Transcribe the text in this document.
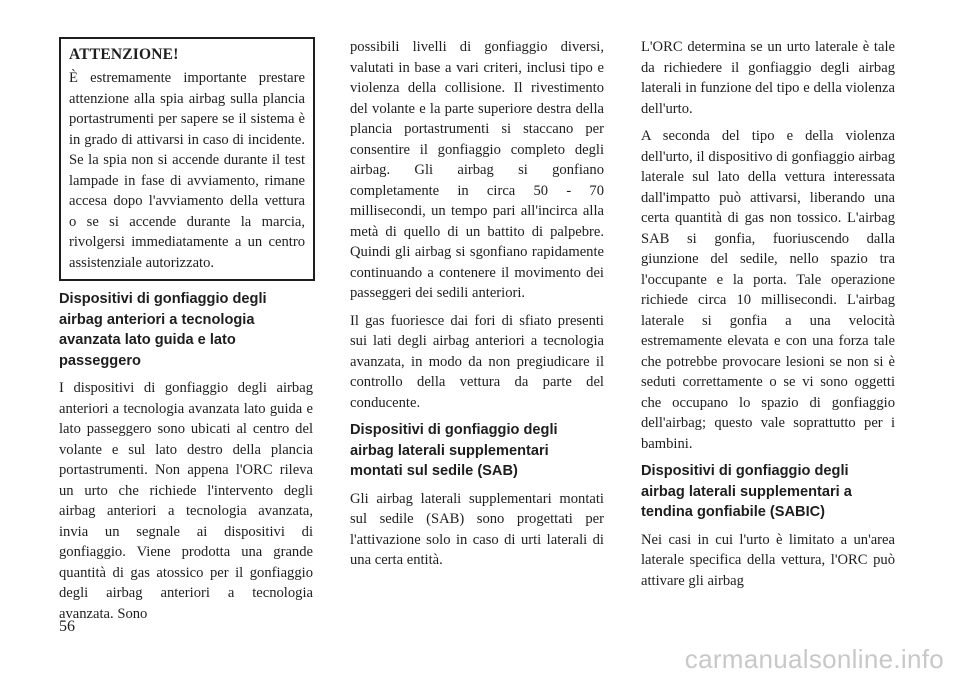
ATTENZIONE!

È estremamente importante prestare attenzione alla spia airbag sulla plancia portastrumenti per sapere se il sistema è in grado di attivarsi in caso di incidente. Se la spia non si accende durante il test lampade in fase di avviamento, rimane accesa dopo l'avviamento della vettura o se si accende durante la marcia, rivolgersi immediatamente a un centro assistenziale autorizzato.

Dispositivi di gonfiaggio degli airbag anteriori a tecnologia avanzata lato guida e lato passeggero

I dispositivi di gonfiaggio degli airbag anteriori a tecnologia avanzata lato guida e lato passeggero sono ubicati al centro del volante e sul lato destro della plancia portastrumenti. Non appena l'ORC rileva un urto che richiede l'intervento degli airbag anteriori a tecnologia avanzata, invia un segnale ai dispositivi di gonfiaggio. Viene prodotta una grande quantità di gas atossico per il gonfiaggio degli airbag anteriori a tecnologia avanzata. Sono

possibili livelli di gonfiaggio diversi, valutati in base a vari criteri, inclusi tipo e violenza della collisione. Il rivestimento del volante e la parte superiore destra della plancia portastrumenti si staccano per consentire il gonfiaggio completo degli airbag. Gli airbag si gonfiano completamente in circa 50 - 70 millisecondi, un tempo pari all'incirca alla metà di quello di un battito di palpebre. Quindi gli airbag si sgonfiano rapidamente continuando a contenere il movimento dei passeggeri dei sedili anteriori.

Il gas fuoriesce dai fori di sfiato presenti sui lati degli airbag anteriori a tecnologia avanzata, in modo da non pregiudicare il controllo della vettura da parte del conducente.

Dispositivi di gonfiaggio degli airbag laterali supplementari montati sul sedile (SAB)

Gli airbag laterali supplementari montati sul sedile (SAB) sono progettati per l'attivazione solo in caso di urti laterali di una certa entità.

L'ORC determina se un urto laterale è tale da richiedere il gonfiaggio degli airbag laterali in funzione del tipo e della violenza dell'urto.

A seconda del tipo e della violenza dell'urto, il dispositivo di gonfiaggio airbag laterale sul lato della vettura interessata dall'impatto può attivarsi, liberando una certa quantità di gas non tossico. L'airbag SAB si gonfia, fuoriuscendo dalla giunzione del sedile, nello spazio tra l'occupante e la porta. Tale operazione richiede circa 10 millisecondi. L'airbag laterale si gonfia a una velocità estremamente elevata e con una forza tale che potrebbe provocare lesioni se non si è seduti correttamente o se vi sono oggetti che occupano lo spazio di gonfiaggio dell'airbag; questo vale soprattutto per i bambini.

Dispositivi di gonfiaggio degli airbag laterali supplementari a tendina gonfiabile (SABIC)

Nei casi in cui l'urto è limitato a un'area laterale specifica della vettura, l'ORC può attivare gli airbag

56
carmanualsonline.info
